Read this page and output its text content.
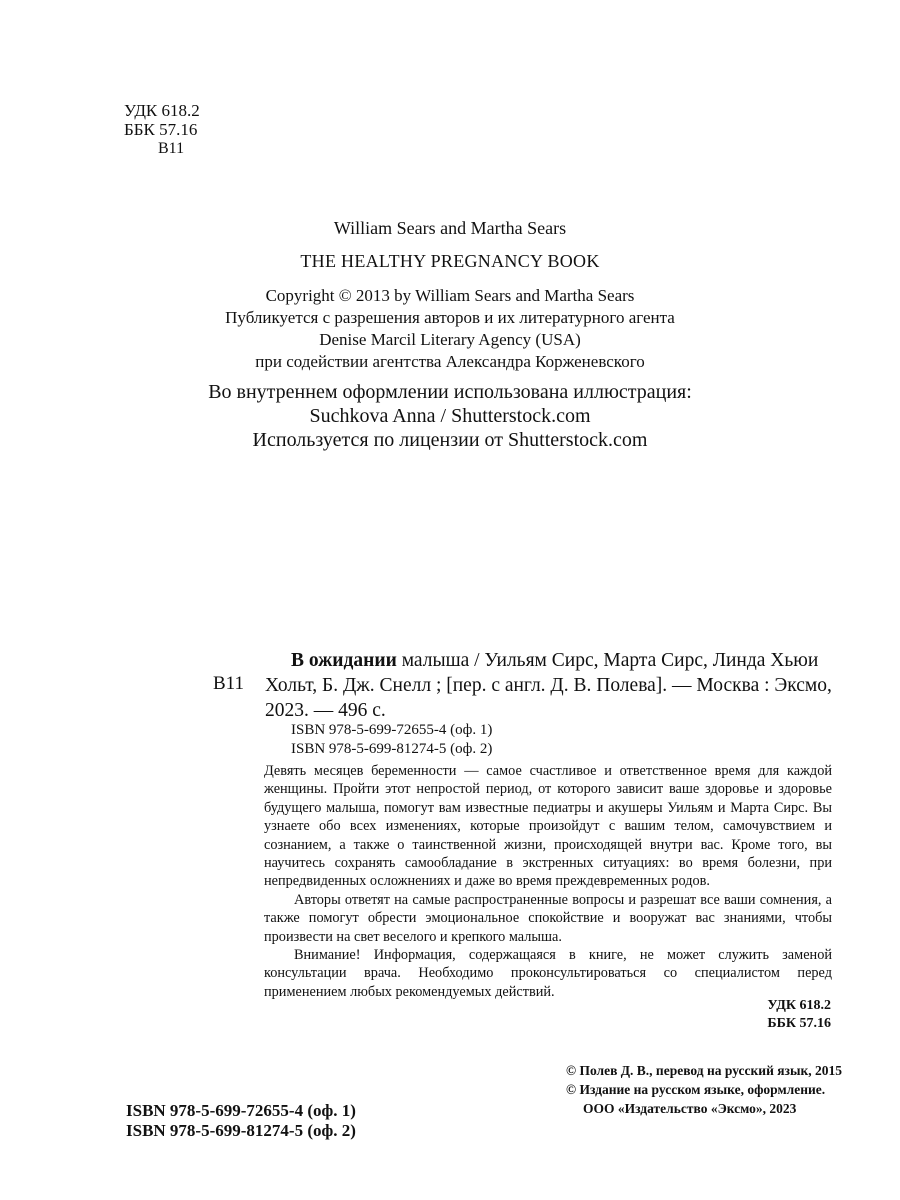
УДК 618.2
ББК 57.16
В11
William Sears and Martha Sears
THE HEALTHY PREGNANCY BOOK
Copyright © 2013 by William Sears and Martha Sears
Публикуется с разрешения авторов и их литературного агента
Denise Marcil Literary Agency (USA)
при содействии агентства Александра Корженевского
Во внутреннем оформлении использована иллюстрация:
Suchkova Anna / Shutterstock.com
Используется по лицензии от Shutterstock.com
В11
В ожидании малыша / Уильям Сирс, Марта Сирс, Линда Хьюи
Хольт, Б. Дж. Снелл ; [пер. с англ. Д. В. Полева]. — Москва : Эксмо,
2023. — 496 с.
ISBN 978-5-699-72655-4 (оф. 1)
ISBN 978-5-699-81274-5 (оф. 2)

Девять месяцев беременности — самое счастливое и ответственное время для каждой женщины. Пройти этот непростой период, от которого зависит ваше здоровье и здоровье будущего малыша, помогут вам известные педиатры и акушеры Уильям и Марта Сирс. Вы узнаете обо всех изменениях, которые произойдут с вашим телом, самочувствием и сознанием, а также о таинственной жизни, происходящей внутри вас. Кроме того, вы научитесь сохранять самообладание в экстренных ситуациях: во время болезни, при непредвиденных осложнениях и даже во время преждевременных родов.

Авторы ответят на самые распространенные вопросы и разрешат все ваши сомнения, а также помогут обрести эмоциональное спокойствие и вооружат вас знаниями, чтобы произвести на свет веселого и крепкого малыша.

Внимание! Информация, содержащаяся в книге, не может служить заменой консультации врача. Необходимо проконсультироваться со специалистом перед применением любых рекомендуемых действий.

УДК 618.2
ББК 57.16
ISBN 978-5-699-72655-4 (оф. 1)
ISBN 978-5-699-81274-5 (оф. 2)
© Полев Д. В., перевод на русский язык, 2015
© Издание на русском языке, оформление.
ООО «Издательство «Эксмо», 2023
